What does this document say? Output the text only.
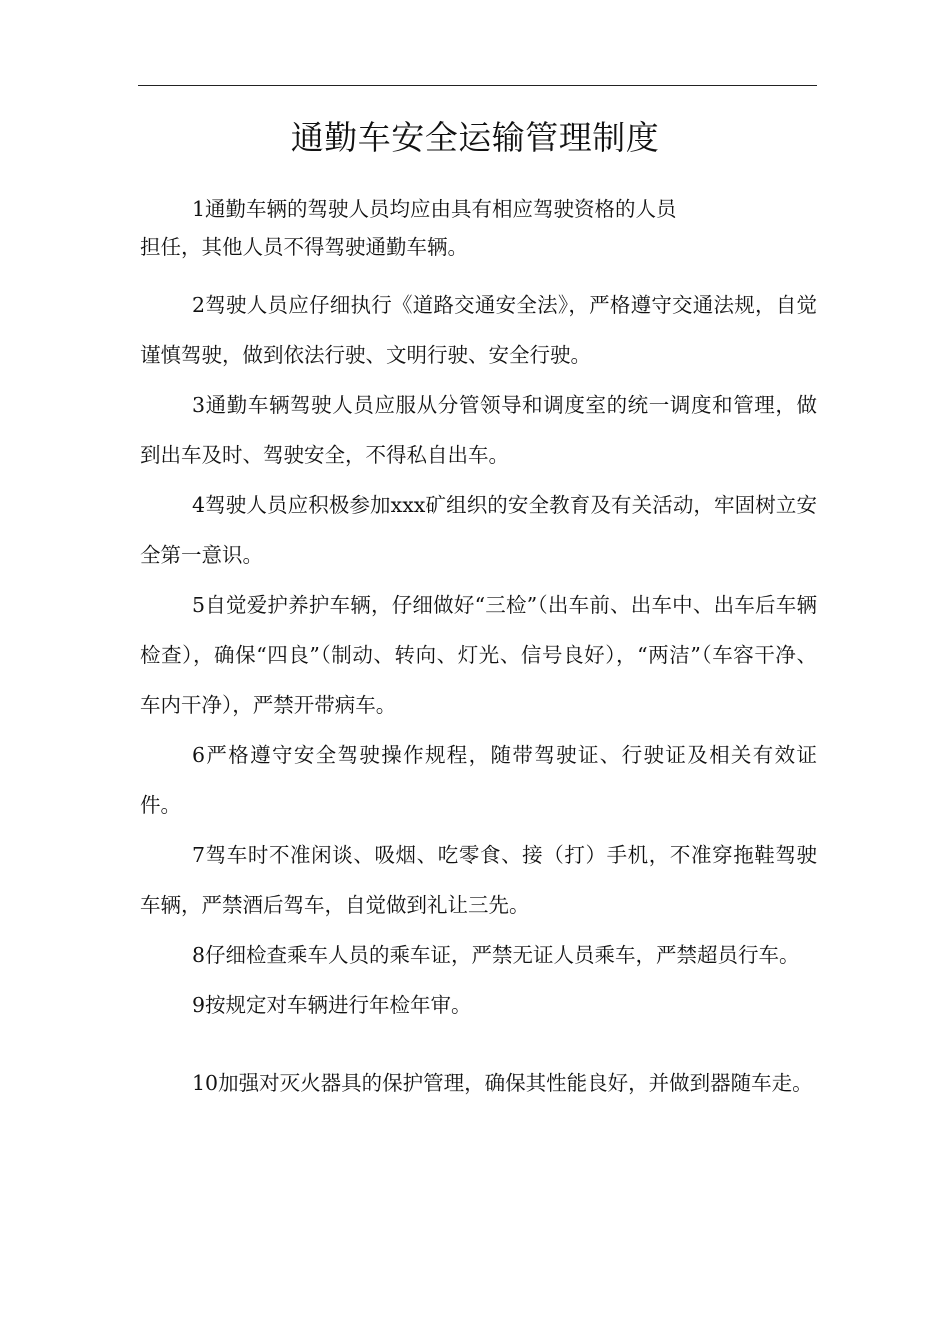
通勤车安全运输管理制度

1通勤车辆的驾驶人员均应由具有相应驾驶资格的人员
担任，其他人员不得驾驶通勤车辆。

2驾驶人员应仔细执行《道路交通安全法》，严格遵守交通法规，自觉谨慎驾驶，做到依法行驶、文明行驶、安全行驶。

3通勤车辆驾驶人员应服从分管领导和调度室的统一调度和管理，做到出车及时、驾驶安全，不得私自出车。

4驾驶人员应积极参加xxx矿组织的安全教育及有关活动，牢固树立安全第一意识。

5自觉爱护养护车辆，仔细做好“三检”（出车前、出车中、出车后车辆检查），确保“四良”（制动、转向、灯光、信号良好），“两洁”（车容干净、车内干净），严禁开带病车。

6严格遵守安全驾驶操作规程，随带驾驶证、行驶证及相关有效证件。

7驾车时不准闲谈、吸烟、吃零食、接（打）手机，不准穿拖鞋驾驶车辆，严禁酒后驾车，自觉做到礼让三先。

8仔细检查乘车人员的乘车证，严禁无证人员乘车，严禁超员行车。

9按规定对车辆进行年检年审。

10加强对灭火器具的保护管理，确保其性能良好，并做到器随车走。
